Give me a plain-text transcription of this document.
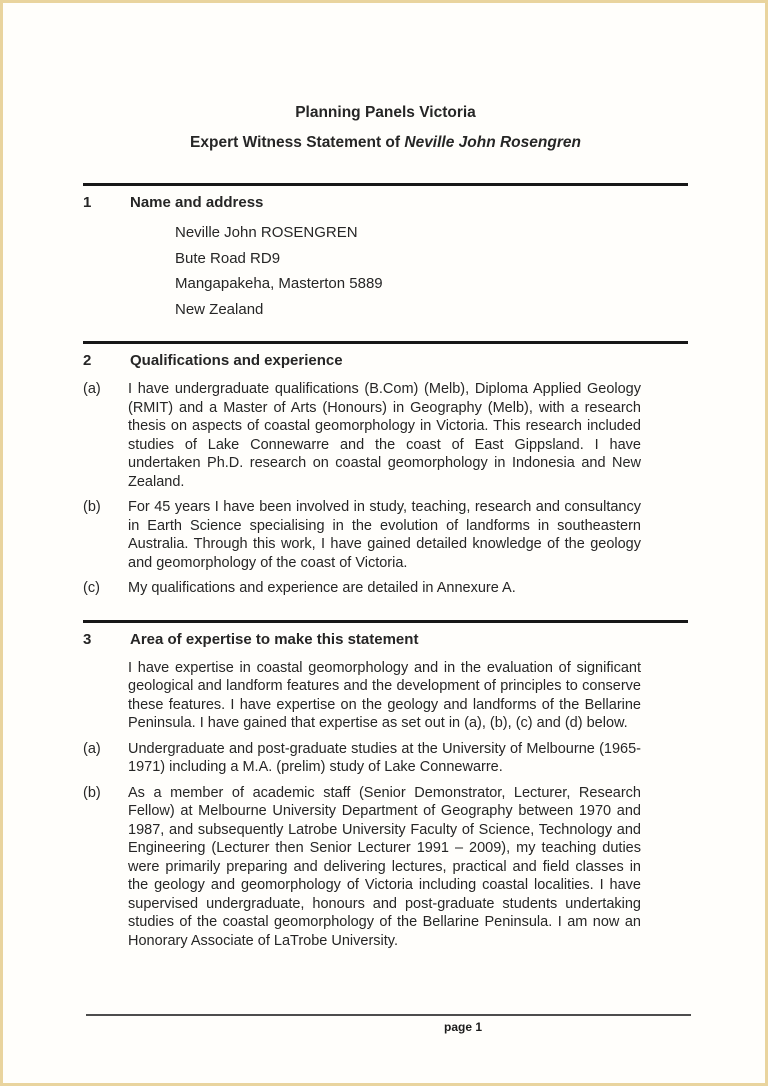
Planning Panels Victoria
Expert Witness Statement of Neville John Rosengren
1	Name and address
Neville John ROSENGREN
Bute Road RD9
Mangapakeha, Masterton 5889
New Zealand
2	Qualifications and experience
(a)	I have undergraduate qualifications (B.Com) (Melb), Diploma Applied Geology (RMIT) and a Master of Arts (Honours) in Geography (Melb), with a research thesis on aspects of coastal geomorphology in Victoria. This research included studies of Lake Connewarre and the coast of East Gippsland. I have undertaken Ph.D. research on coastal geomorphology in Indonesia and New Zealand.
(b)	For 45 years I have been involved in study, teaching, research and consultancy in Earth Science specialising in the evolution of landforms in southeastern Australia. Through this work, I have gained detailed knowledge of the geology and geomorphology of the coast of Victoria.
(c)	My qualifications and experience are detailed in Annexure A.
3	Area of expertise to make this statement
I have expertise in coastal geomorphology and in the evaluation of significant geological and landform features and the development of principles to conserve these features. I have expertise on the geology and landforms of the Bellarine Peninsula. I have gained that expertise as set out in (a), (b), (c) and (d) below.
(a)	Undergraduate and post-graduate studies at the University of Melbourne (1965-1971) including a M.A. (prelim) study of Lake Connewarre.
(b)	As a member of academic staff (Senior Demonstrator, Lecturer, Research Fellow) at Melbourne University Department of Geography between 1970 and 1987, and subsequently Latrobe University Faculty of Science, Technology and Engineering (Lecturer then Senior Lecturer 1991 – 2009), my teaching duties were primarily preparing and delivering lectures, practical and field classes in the geology and geomorphology of Victoria including coastal localities. I have supervised undergraduate, honours and post-graduate students undertaking studies of the coastal geomorphology of the Bellarine Peninsula. I am now an Honorary Associate of LaTrobe University.
page 1
